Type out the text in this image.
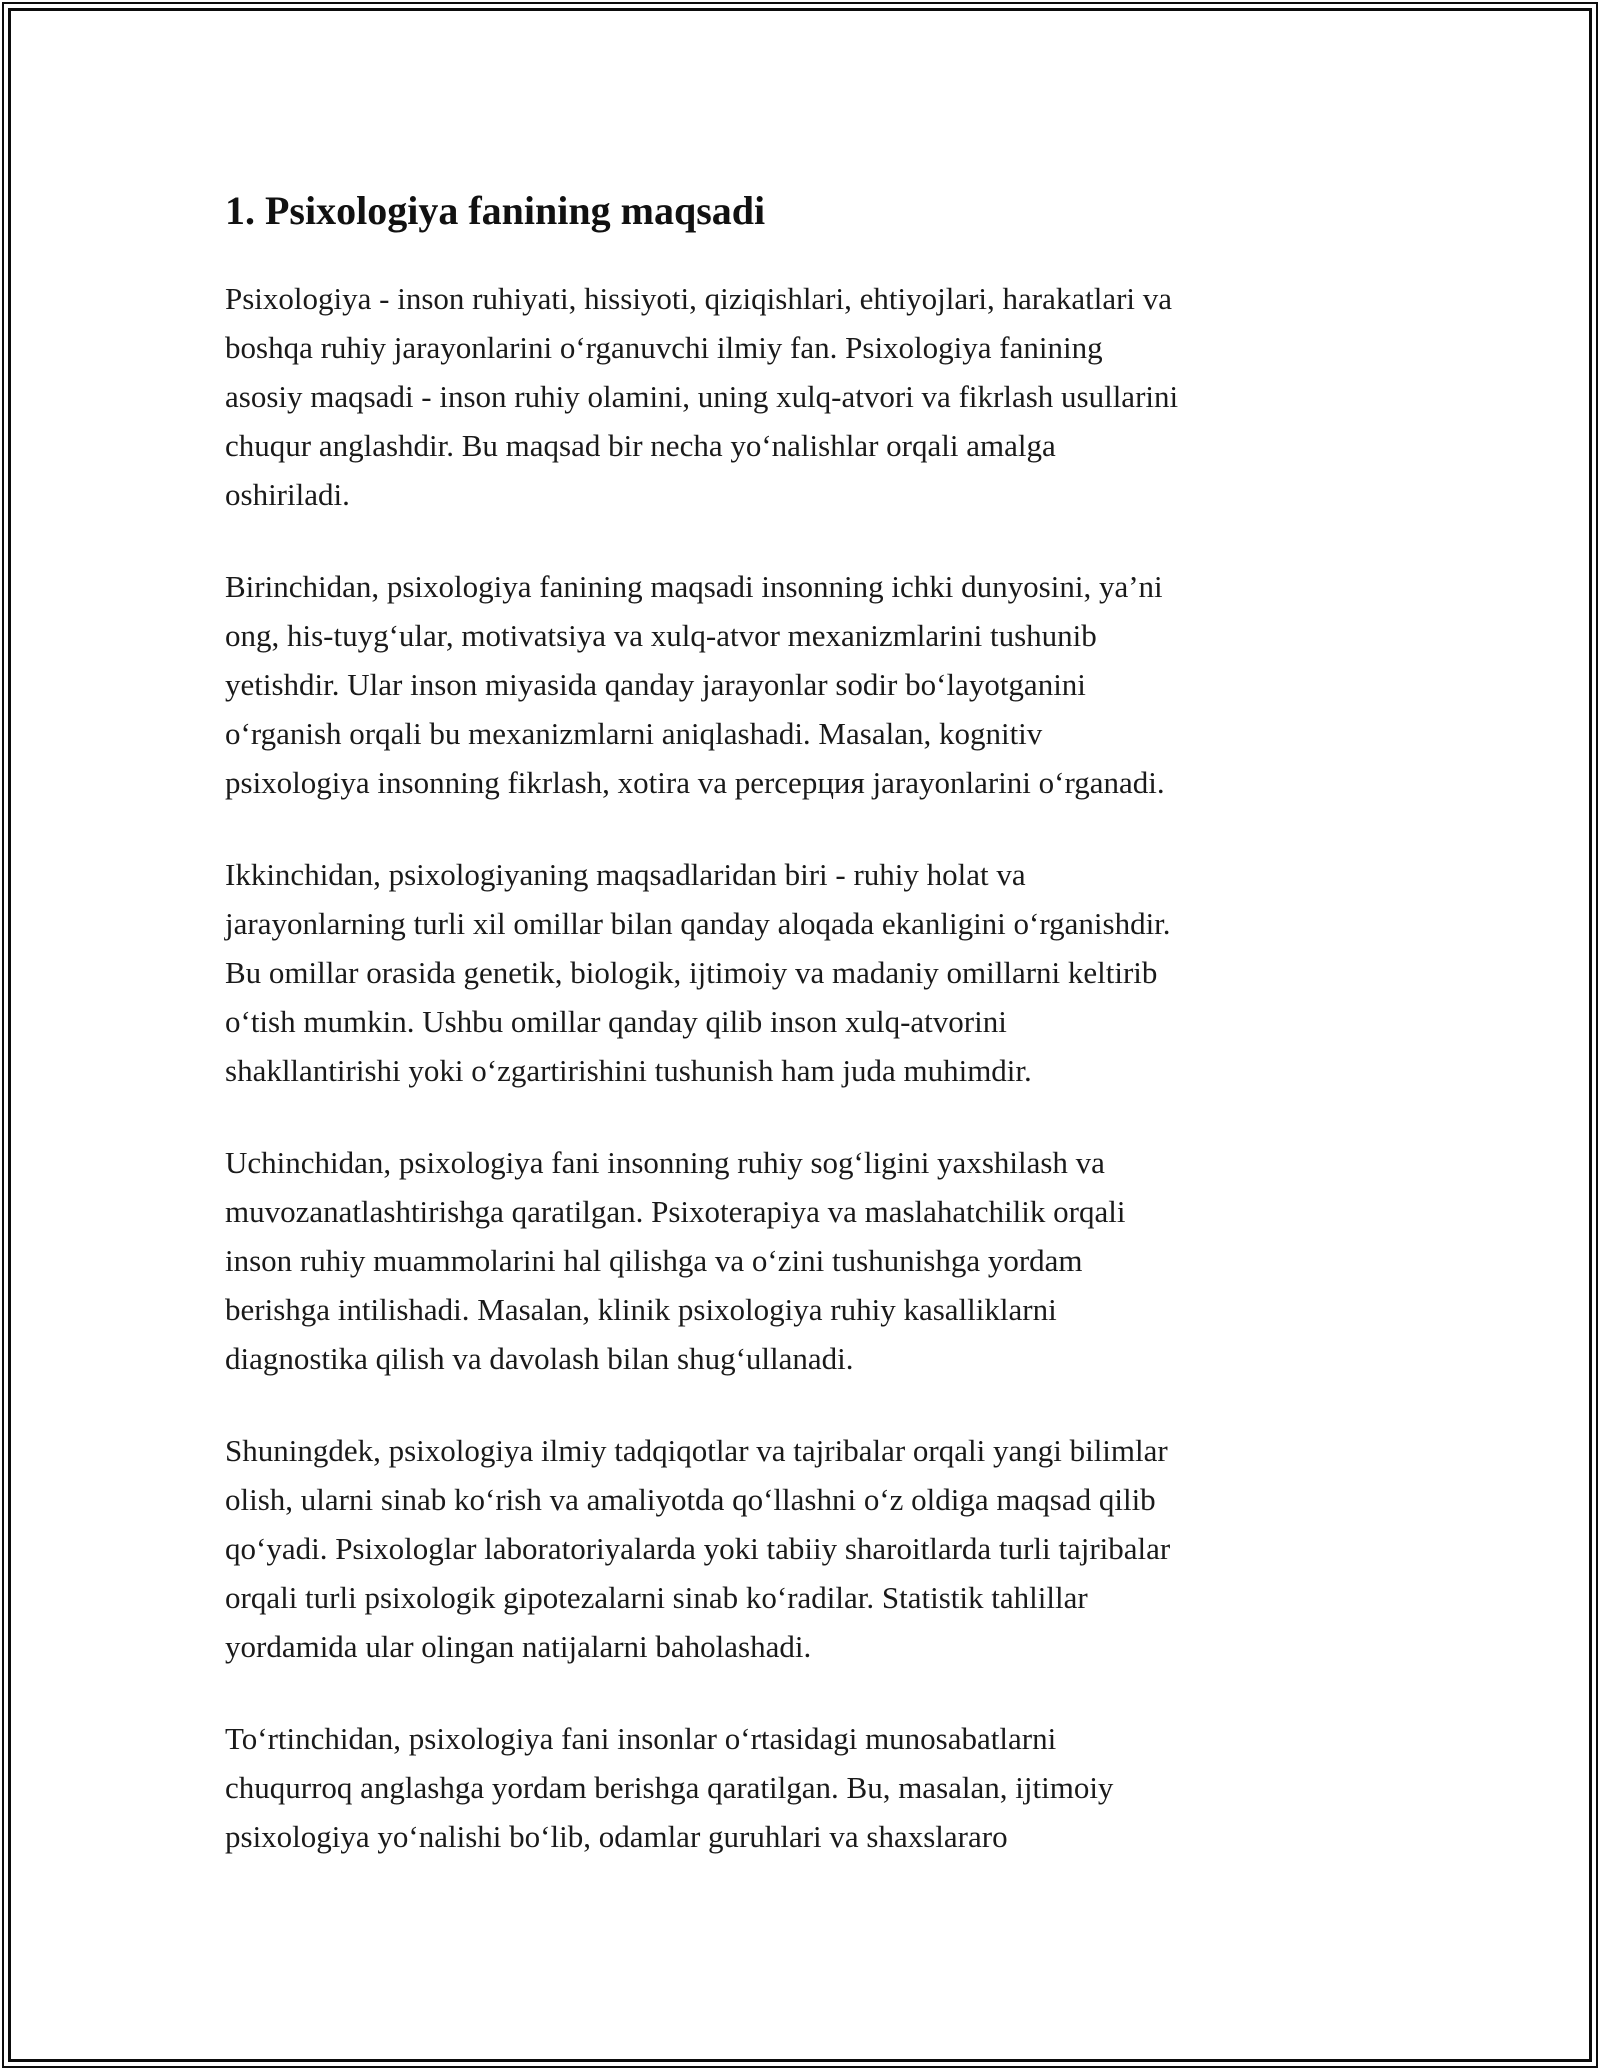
1. Psixologiya fanining maqsadi

Psixologiya - inson ruhiyati, hissiyoti, qiziqishlari, ehtiyojlari, harakatlari va
boshqa ruhiy jarayonlarini o‘rganuvchi ilmiy fan. Psixologiya fanining
asosiy maqsadi - inson ruhiy olamini, uning xulq-atvori va fikrlash usullarini
chuqur anglashdir. Bu maqsad bir necha yo‘nalishlar orqali amalga
oshiriladi.

Birinchidan, psixologiya fanining maqsadi insonning ichki dunyosini, ya’ni
ong, his-tuyg‘ular, motivatsiya va xulq-atvor mexanizmlarini tushunib
yetishdir. Ular inson miyasida qanday jarayonlar sodir bo‘layotganini
o‘rganish orqali bu mexanizmlarni aniqlashadi. Masalan, kognitiv
psixologiya insonning fikrlash, xotira va percepция jarayonlarini o‘rganadi.

Ikkinchidan, psixologiyaning maqsadlaridan biri - ruhiy holat va
jarayonlarning turli xil omillar bilan qanday aloqada ekanligini o‘rganishdir.
Bu omillar orasida genetik, biologik, ijtimoiy va madaniy omillarni keltirib
o‘tish mumkin. Ushbu omillar qanday qilib inson xulq-atvorini
shakllantirishi yoki o‘zgartirishini tushunish ham juda muhimdir.

Uchinchidan, psixologiya fani insonning ruhiy sog‘ligini yaxshilash va
muvozanatlashtirishga qaratilgan. Psixoterapiya va maslahatchilik orqali
inson ruhiy muammolarini hal qilishga va o‘zini tushunishga yordam
berishga intilishadi. Masalan, klinik psixologiya ruhiy kasalliklarni
diagnostika qilish va davolash bilan shug‘ullanadi.

Shuningdek, psixologiya ilmiy tadqiqotlar va tajribalar orqali yangi bilimlar
olish, ularni sinab ko‘rish va amaliyotda qo‘llashni o‘z oldiga maqsad qilib
qo‘yadi. Psixologlar laboratoriyalarda yoki tabiiy sharoitlarda turli tajribalar
orqali turli psixologik gipotezalarni sinab ko‘radilar. Statistik tahlillar
yordamida ular olingan natijalarni baholashadi.

To‘rtinchidan, psixologiya fani insonlar o‘rtasidagi munosabatlarni
chuqurroq anglashga yordam berishga qaratilgan. Bu, masalan, ijtimoiy
psixologiya yo‘nalishi bo‘lib, odamlar guruhlari va shaxslararo
